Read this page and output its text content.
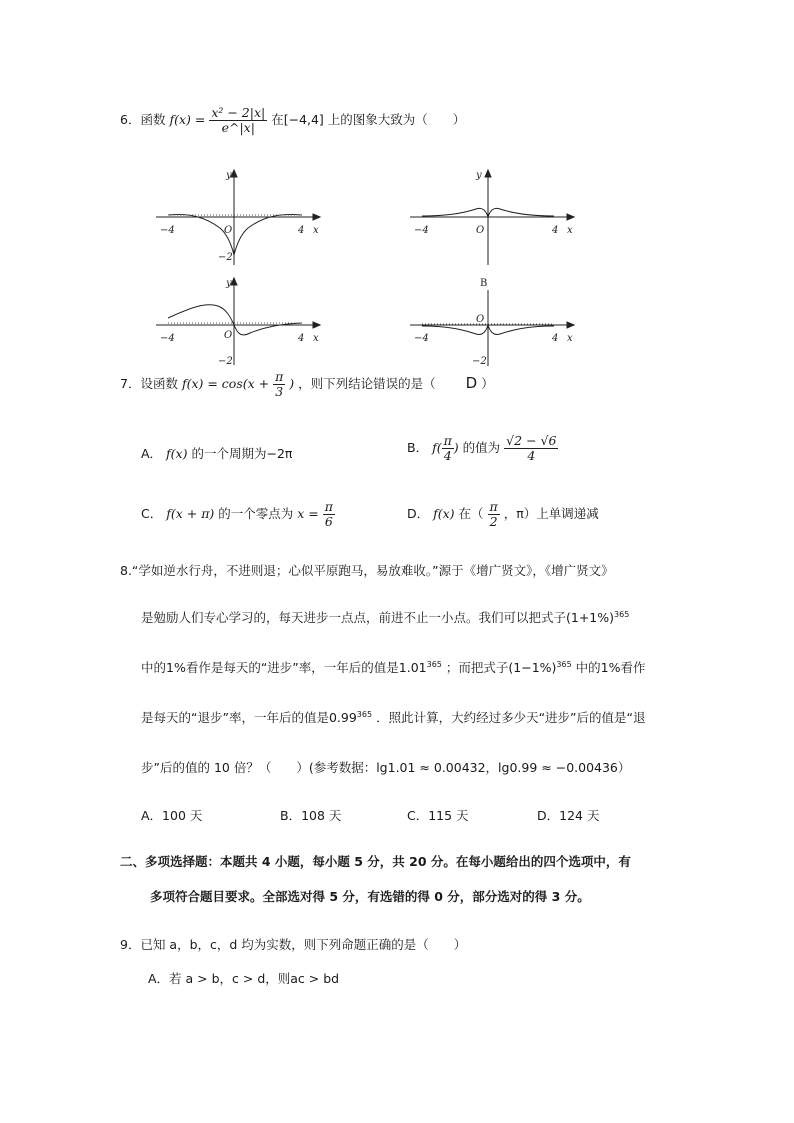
6．函数 $f(x) = \frac{\text{x² − 2|x|}}{e\^{}|x|}$ 在[−4,4] 上的图象大致为（　　）
y
x
O
−4	4
−2
y
x
O
−4	4
B
y
x
O
−4	4
−2
O
x
−4	4
−2
7．设函数 $f(x) = \cos(x + \frac{\pi}{3}$ ) ，则下列结论错误的是（ D ）
A． f(x) 的一个周期为−2π	B． $f( \frac{\pi}{4}$ ) 的值为 $\frac{√2 - √6}{4}$
C． f(x + π) 的一个零点为 $x = \frac{\pi}{6}$	D． f(x) 在（ $\frac{\pi}{2}$ ，π）上单调递减
8.“学如逆水行舟，不进则退；心似平原跑马，易放难收。”源于《增广贤文》，《增广贤文》
是勉励人们专心学习的，每天进步一点点，前进不止一小点。我们可以把式子$(1+1\%)^{365}$
中的1%看作是每天的“进步”率，一年后的值是1.01$^{365}$ ；而把式子$(1-1\%)^{365}$ 中的1%看作
是每天的“退步”率，一年后的值是0.99$^{365}$ ．照此计算，大约经过多少天“进步”后的值是“退
步”后的值的 10 倍？（　　）(参考数据：lg1.01 ≈ 0.00432，lg0.99 ≈ −0.00436）
A．100 天	B．108 天	C．115 天	D．124 天
二、多项选择题：本题共 4 小题，每小题 5 分，共 20 分。在每小题给出的四个选项中，有
多项符合题目要求。全部选对得 5 分，有选错的得 0 分，部分选对的得 3 分。
9．已知 a，b，c，d 均为实数，则下列命题正确的是（　　）
A．若 a > b，c > d，则ac > bd
